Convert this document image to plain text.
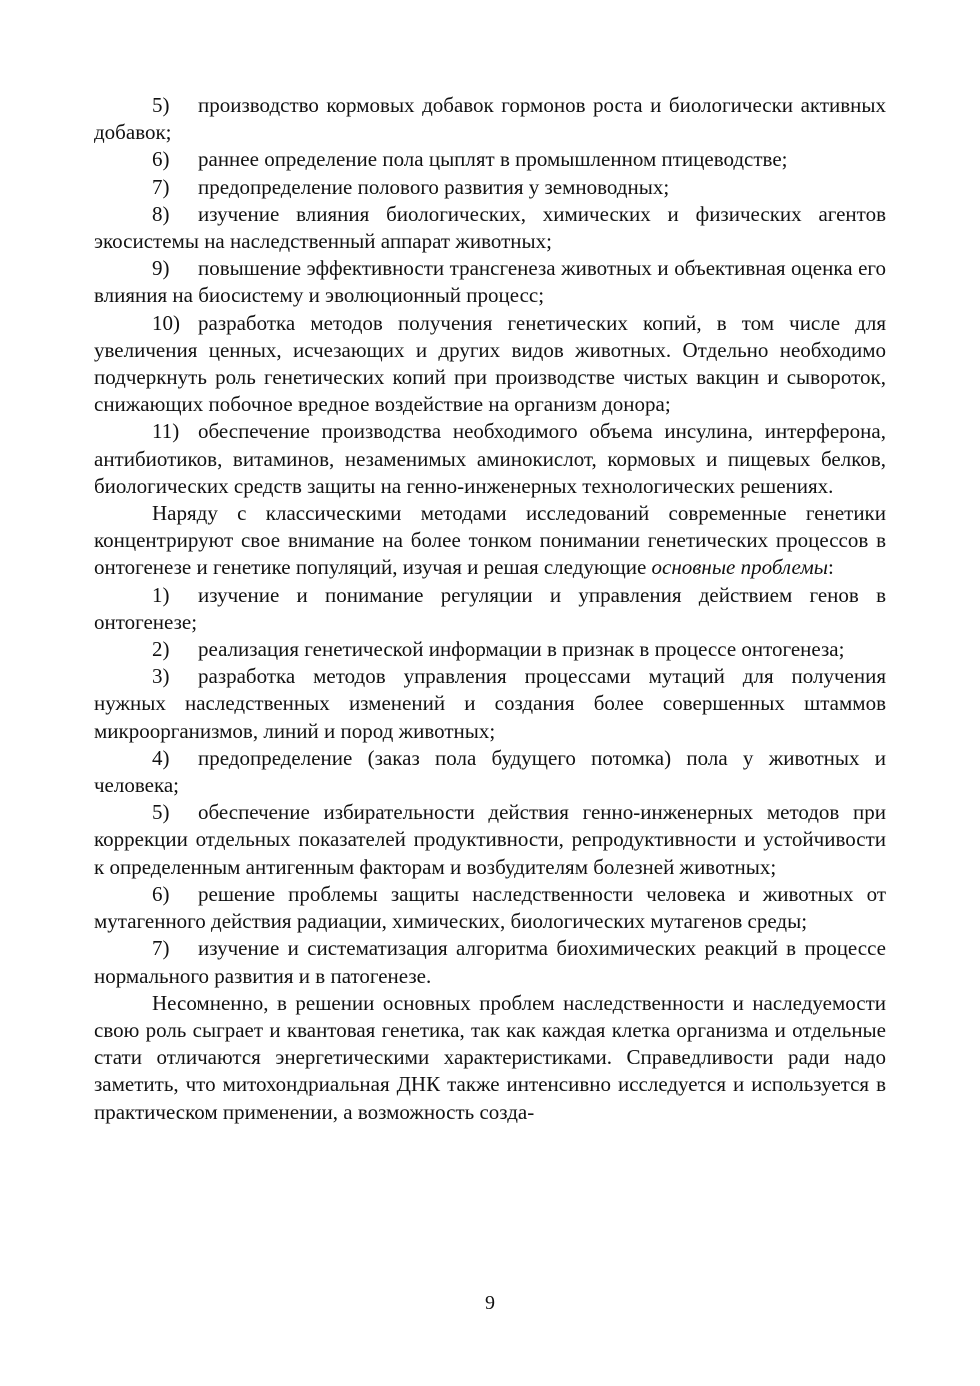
5) производство кормовых добавок гормонов роста и биологически активных добавок;

6) раннее определение пола цыплят в промышленном птицеводстве;

7) предопределение полового развития у земноводных;

8) изучение влияния биологических, химических и физических агентов экосистемы на наследственный аппарат животных;

9) повышение эффективности трансгенеза животных и объективная оценка его влияния на биосистему и эволюционный процесс;

10) разработка методов получения генетических копий, в том числе для увеличения ценных, исчезающих и других видов животных. Отдельно необходимо подчеркнуть роль генетических копий при производстве чистых вакцин и сывороток, снижающих побочное вредное воздействие на организм донора;

11) обеспечение производства необходимого объема инсулина, интерферона, антибиотиков, витаминов, незаменимых аминокислот, кормовых и пищевых белков, биологических средств защиты на генно-инженерных технологических решениях.

Наряду с классическими методами исследований современные генетики концентрируют свое внимание на более тонком понимании генетических процессов в онтогенезе и генетике популяций, изучая и решая следующие основные проблемы:

1) изучение и понимание регуляции и управления действием генов в онтогенезе;

2) реализация генетической информации в признак в процессе онтогенеза;

3) разработка методов управления процессами мутаций для получения нужных наследственных изменений и создания более совершенных штаммов микроорганизмов, линий и пород животных;

4) предопределение (заказ пола будущего потомка) пола у животных и человека;

5) обеспечение избирательности действия генно-инженерных методов при коррекции отдельных показателей продуктивности, репродуктивности и устойчивости к определенным антигенным факторам и возбудителям болезней животных;

6) решение проблемы защиты наследственности человека и животных от мутагенного действия радиации, химических, биологических мутагенов среды;

7) изучение и систематизация алгоритма биохимических реакций в процессе нормального развития и в патогенезе.

Несомненно, в решении основных проблем наследственности и наследуемости свою роль сыграет и квантовая генетика, так как каждая клетка организма и отдельные стати отличаются энергетическими характеристиками. Справедливости ради надо заметить, что митохондриальная ДНК также интенсивно исследуется и используется в практическом применении, а возможность созда-

9
